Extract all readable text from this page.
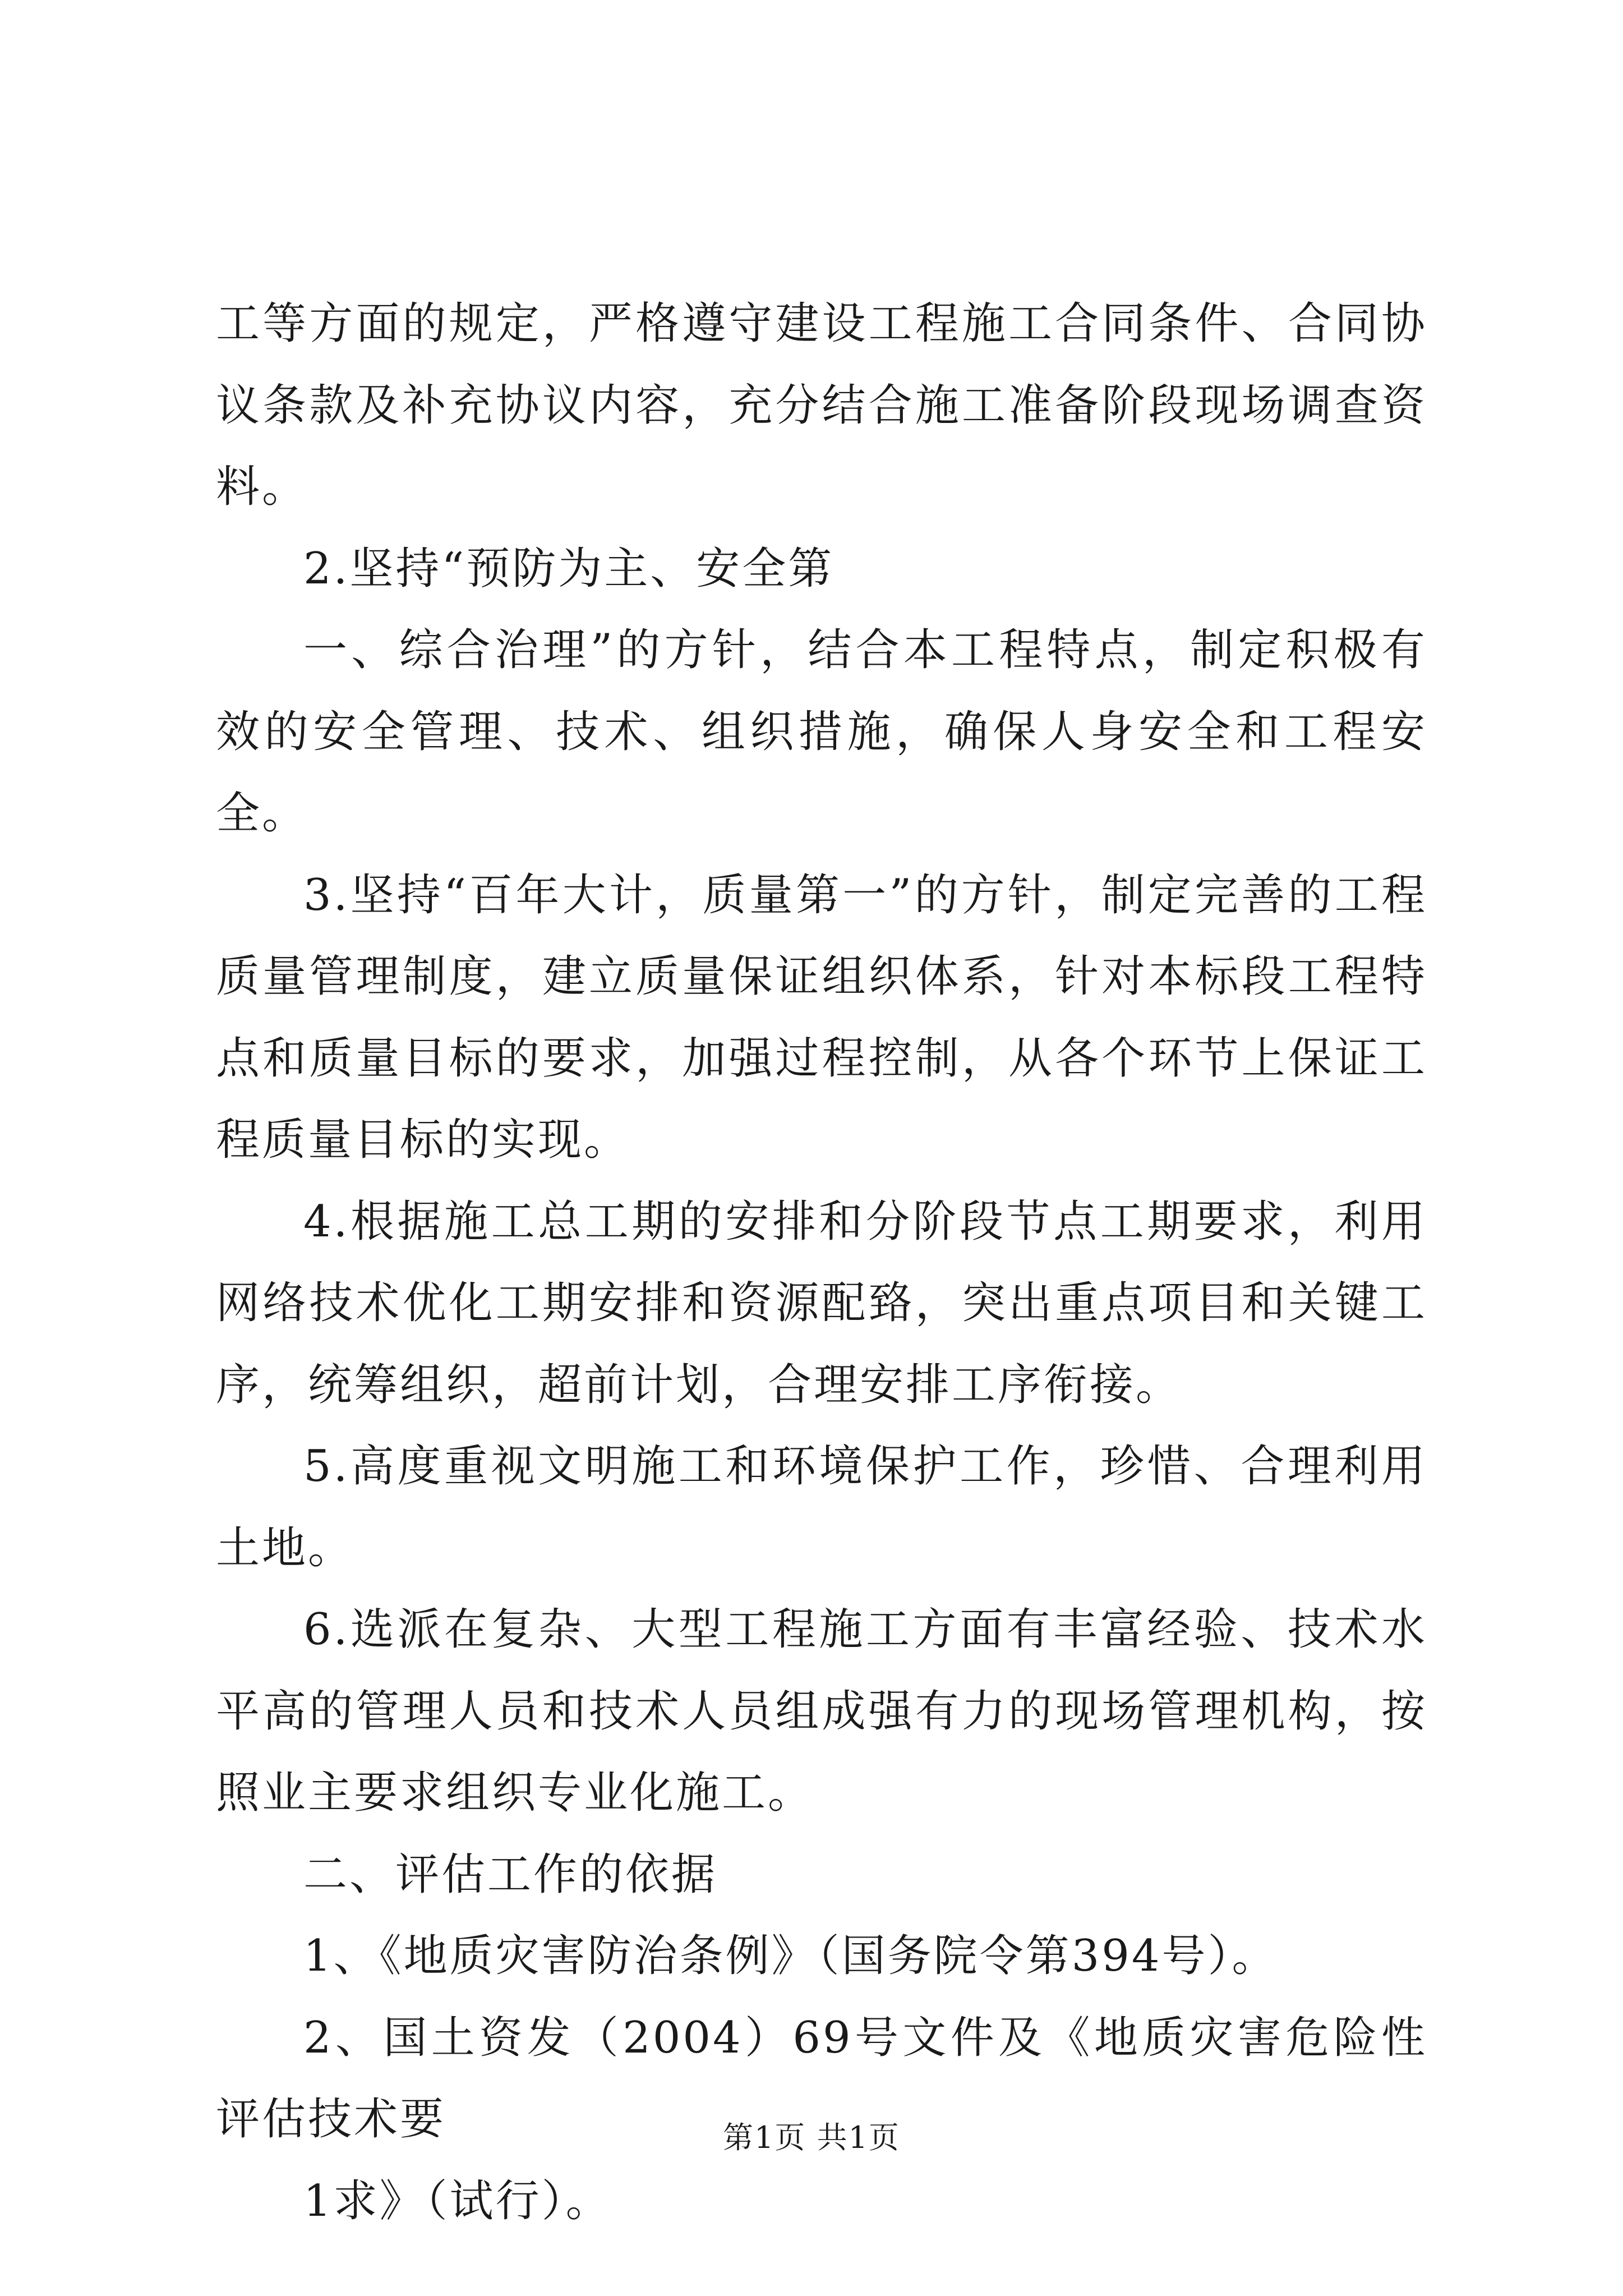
工等方面的规定，严格遵守建设工程施工合同条件、合同协议条款及补充协议内容，充分结合施工准备阶段现场调查资料。

2.坚持“预防为主、安全第

一、综合治理”的方针，结合本工程特点，制定积极有效的安全管理、技术、组织措施，确保人身安全和工程安全。

3.坚持“百年大计，质量第一”的方针，制定完善的工程质量管理制度，建立质量保证组织体系，针对本标段工程特点和质量目标的要求，加强过程控制，从各个环节上保证工程质量目标的实现。

4.根据施工总工期的安排和分阶段节点工期要求，利用网络技术优化工期安排和资源配臵，突出重点项目和关键工序，统筹组织，超前计划，合理安排工序衔接。

5.高度重视文明施工和环境保护工作，珍惜、合理利用土地。

6.选派在复杂、大型工程施工方面有丰富经验、技术水平高的管理人员和技术人员组成强有力的现场管理机构，按照业主要求组织专业化施工。

二、评估工作的依据

1、《地质灾害防治条例》（国务院令第394号）。

2、国土资发（2004）69号文件及《地质灾害危险性评估技术要

1求》（试行）。

第1页 共1页
